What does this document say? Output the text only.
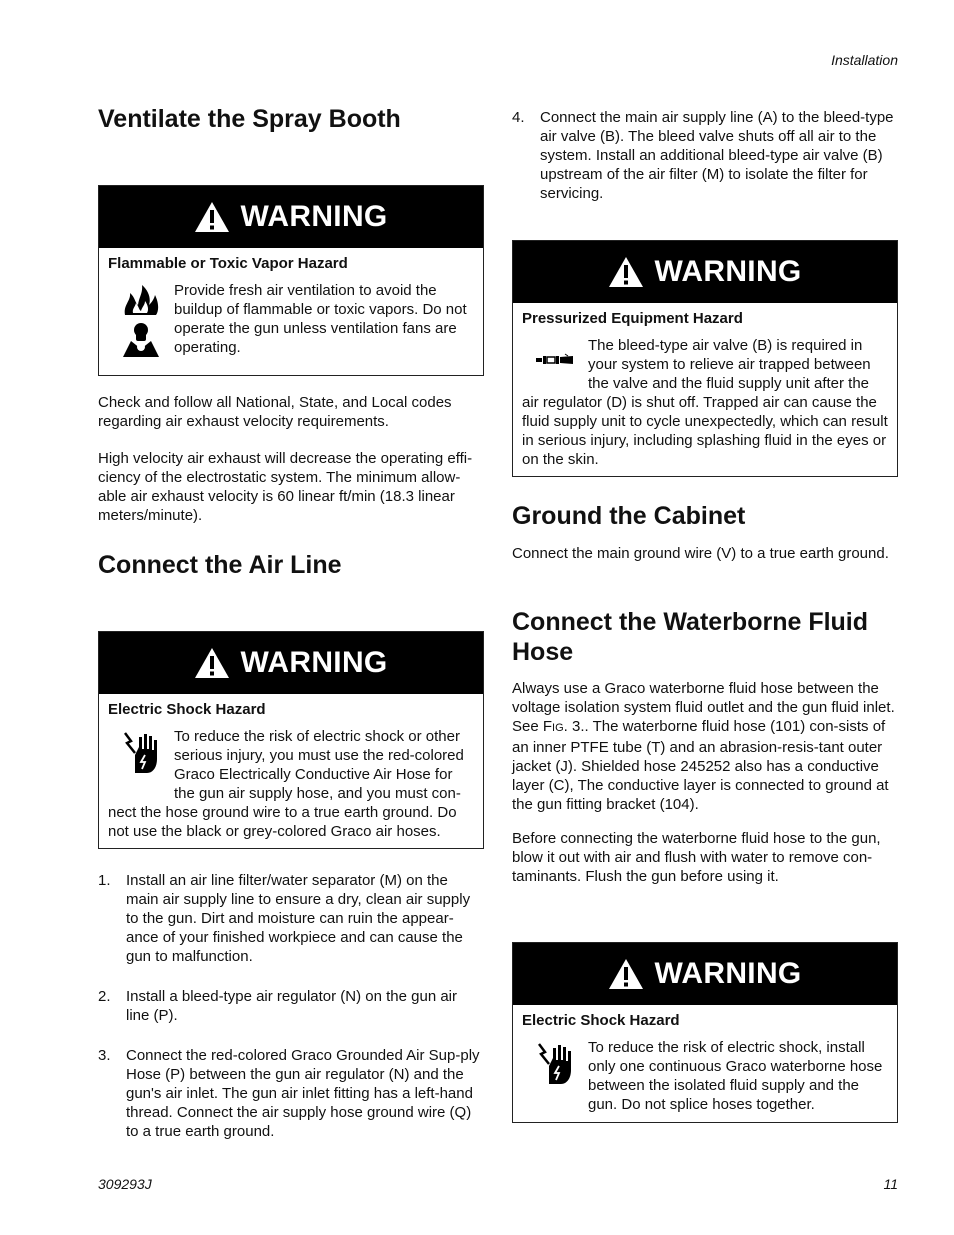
Installation
309293J	11
Ventilate the Spray Booth
WARNING
Flammable or Toxic Vapor Hazard

Provide fresh air ventilation to avoid the buildup of flammable or toxic vapors. Do not operate the gun unless ventilation fans are operating.

Check and follow all National, State, and Local codes regarding air exhaust velocity requirements.

High velocity air exhaust will decrease the operating effi-ciency of the electrostatic system. The minimum allow-able air exhaust velocity is 60 linear ft/min (18.3 linear meters/minute).

Connect the Air Line
WARNING
Electric Shock Hazard

To reduce the risk of electric shock or other serious injury, you must use the red-colored Graco Electrically Conductive Air Hose for the gun air supply hose, and you must con-nect the hose ground wire to a true earth ground. Do not use the black or grey-colored Graco air hoses.

1. Install an air line filter/water separator (M) on the main air supply line to ensure a dry, clean air supply to the gun. Dirt and moisture can ruin the appear-ance of your finished workpiece and can cause the gun to malfunction.
2. Install a bleed-type air regulator (N) on the gun air line (P).
3. Connect the red-colored Graco Grounded Air Sup-ply Hose (P) between the gun air regulator (N) and the gun's air inlet. The gun air inlet fitting has a left-hand thread. Connect the air supply hose ground wire (Q) to a true earth ground.
4. Connect the main air supply line (A) to the bleed-type air valve (B). The bleed valve shuts off all air to the system. Install an additional bleed-type air valve (B) upstream of the air filter (M) to isolate the filter for servicing.
WARNING
Pressurized Equipment Hazard

The bleed-type air valve (B) is required in your system to relieve air trapped between the valve and the fluid supply unit after the air regulator (D) is shut off. Trapped air can cause the fluid supply unit to cycle unexpectedly, which can result in serious injury, including splashing fluid in the eyes or on the skin.

Ground the Cabinet

Connect the main ground wire (V) to a true earth ground.

Connect the Waterborne Fluid
Hose

Always use a Graco waterborne fluid hose between the voltage isolation system fluid outlet and the gun fluid inlet. See FIG. 3.. The waterborne fluid hose (101) con-sists of an inner PTFE tube (T) and an abrasion-resis-tant outer jacket (J). Shielded hose 245252 also has a conductive layer (C), The conductive layer is connected to ground at the gun fitting bracket (104).

Before connecting the waterborne fluid hose to the gun, blow it out with air and flush with water to remove con-taminants. Flush the gun before using it.

WARNING
Electric Shock Hazard

To reduce the risk of electric shock, install only one continuous Graco waterborne hose between the isolated fluid supply and the gun. Do not splice hoses together.
